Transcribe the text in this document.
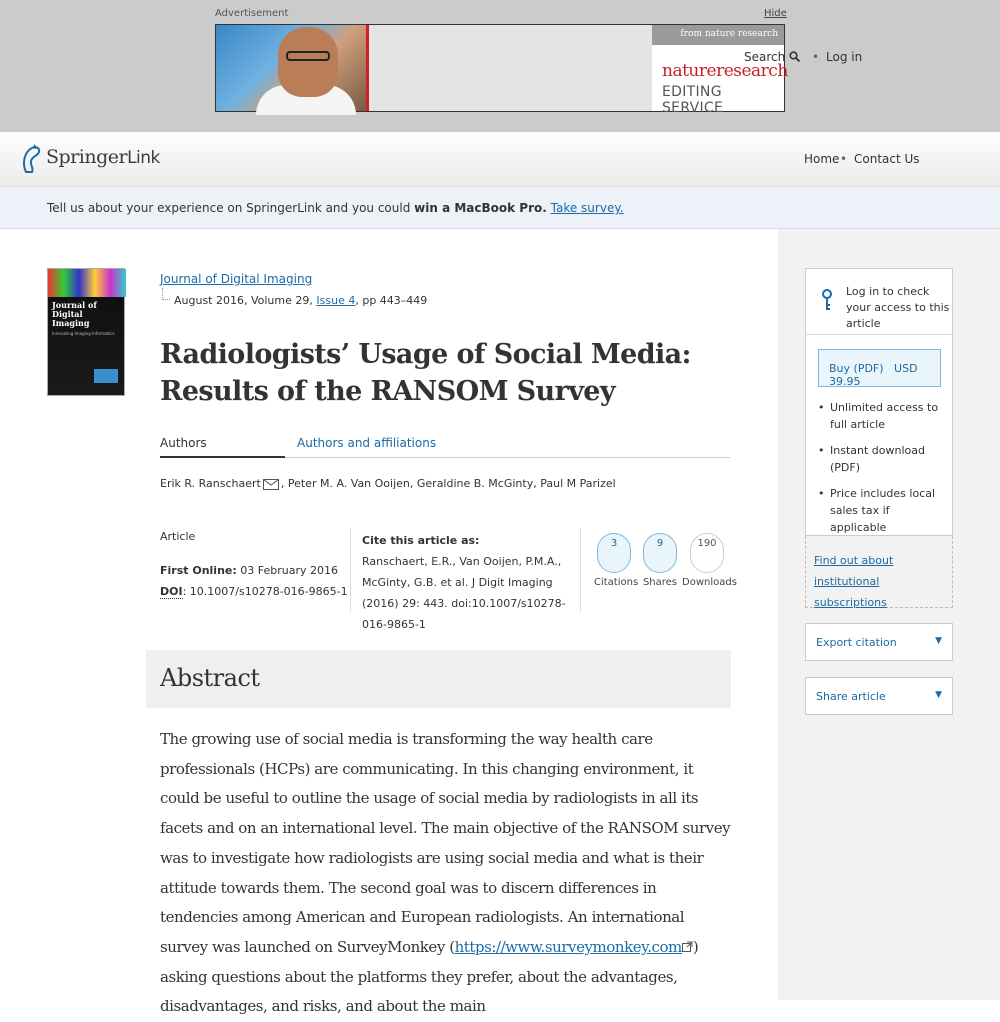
Advertisement	Hide
from nature research
natureresearch
EDITING SERVICE
SpringerLink	Home • Contact Us
Search	• Log in
Tell us about your experience on SpringerLink and you could win a MacBook Pro. Take survey.
Journal of Digital Imaging
Innovating Imaging Informatics
Journal of Digital Imaging
August 2016, Volume 29, Issue 4, pp 443–449
Radiologists’ Usage of Social Media: Results of the RANSOM Survey
Authors	Authors and affiliations
Erik R. Ranschaert , Peter M. A. Van Ooijen, Geraldine B. McGinty, Paul M Parizel
Article
First Online: 03 February 2016
DOI: 10.1007/s10278-016-9865-1
Cite this article as:
Ranschaert, E.R., Van Ooijen, P.M.A., McGinty, G.B. et al. J Digit Imaging (2016) 29: 443. doi:10.1007/s10278-016-9865-1
3
Citations
9
Shares
190
Downloads
Abstract

The growing use of social media is transforming the way health care professionals (HCPs) are communicating. In this changing environment, it could be useful to outline the usage of social media by radiologists in all its facets and on an international level. The main objective of the RANSOM survey was to investigate how radiologists are using social media and what is their attitude towards them. The second goal was to discern differences in tendencies among American and European radiologists. An international survey was launched on SurveyMonkey (https://www.surveymonkey.com ) asking questions about the platforms they prefer, about the advantages, disadvantages, and risks, and about the main

Log in to check your access to this article
Buy (PDF) USD 39.95
• Unlimited access to full article
• Instant download (PDF)
• Price includes local sales tax if applicable
Find out about institutional subscriptions
Export citation	▼
Share article	▼
